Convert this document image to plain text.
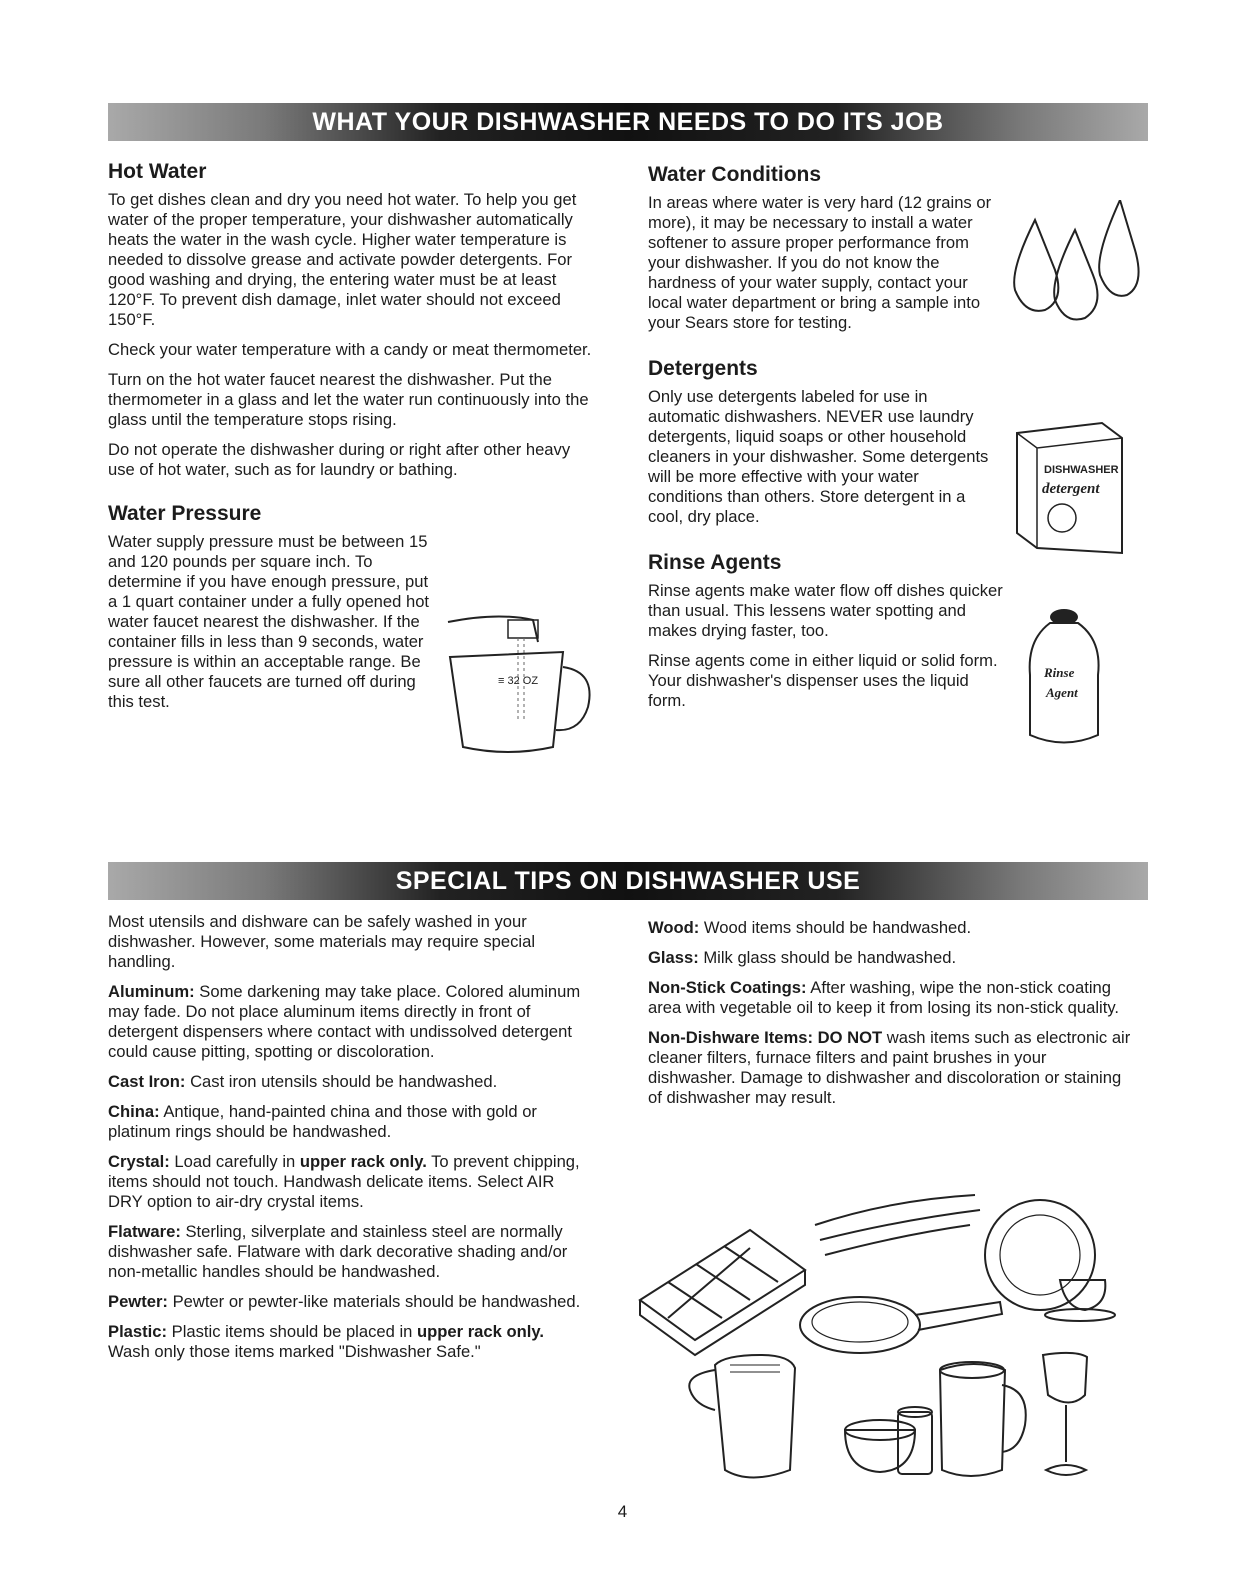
WHAT YOUR DISHWASHER NEEDS TO DO ITS JOB
Hot Water

To get dishes clean and dry you need hot water. To help you get water of the proper temperature, your dishwasher automatically heats the water in the wash cycle. Higher water temperature is needed to dissolve grease and activate powder detergents. For good washing and drying, the entering water must be at least 120°F. To prevent dish damage, inlet water should not exceed 150°F.

Check your water temperature with a candy or meat thermometer.

Turn on the hot water faucet nearest the dishwasher. Put the thermometer in a glass and let the water run continuously into the glass until the temperature stops rising.

Do not operate the dishwasher during or right after other heavy use of hot water, such as for laundry or bathing.

Water Pressure

Water supply pressure must be between 15 and 120 pounds per square inch. To determine if you have enough pressure, put a 1 quart container under a fully opened hot water faucet nearest the dishwasher. If the container fills in less than 9 seconds, water pressure is within an acceptable range. Be sure all other faucets are turned off during this test.

≡ 32 OZ
Water Conditions

In areas where water is very hard (12 grains or more), it may be necessary to install a water softener to assure proper performance from your dishwasher. If you do not know the hardness of your water supply, contact your local water department or bring a sample into your Sears store for testing.

Detergents

Only use detergents labeled for use in automatic dishwashers. NEVER use laundry detergents, liquid soaps or other household cleaners in your dishwasher. Some detergents will be more effective with your water conditions than others. Store detergent in a cool, dry place.

Rinse Agents

Rinse agents make water flow off dishes quicker than usual. This lessens water spotting and makes drying faster, too.

Rinse agents come in either liquid or solid form. Your dishwasher's dispenser uses the liquid form.

DISHWASHER
detergent
Rinse
Agent
SPECIAL TIPS ON DISHWASHER USE

Most utensils and dishware can be safely washed in your dishwasher. However, some materials may require special handling.

Aluminum: Some darkening may take place. Colored aluminum may fade. Do not place aluminum items directly in front of detergent dispensers where contact with undissolved detergent could cause pitting, spotting or discoloration.

Cast Iron: Cast iron utensils should be handwashed.

China: Antique, hand-painted china and those with gold or platinum rings should be handwashed.

Crystal: Load carefully in upper rack only. To prevent chipping, items should not touch. Handwash delicate items. Select AIR DRY option to air-dry crystal items.

Flatware: Sterling, silverplate and stainless steel are normally dishwasher safe. Flatware with dark decorative shading and/or non-metallic handles should be handwashed.

Pewter: Pewter or pewter-like materials should be handwashed.

Plastic: Plastic items should be placed in upper rack only. Wash only those items marked "Dishwasher Safe."

Wood: Wood items should be handwashed.

Glass: Milk glass should be handwashed.

Non-Stick Coatings: After washing, wipe the non-stick coating area with vegetable oil to keep it from losing its non-stick quality.

Non-Dishware Items: DO NOT wash items such as electronic air cleaner filters, furnace filters and paint brushes in your dishwasher. Damage to dishwasher and discoloration or staining of dishwasher may result.

4
